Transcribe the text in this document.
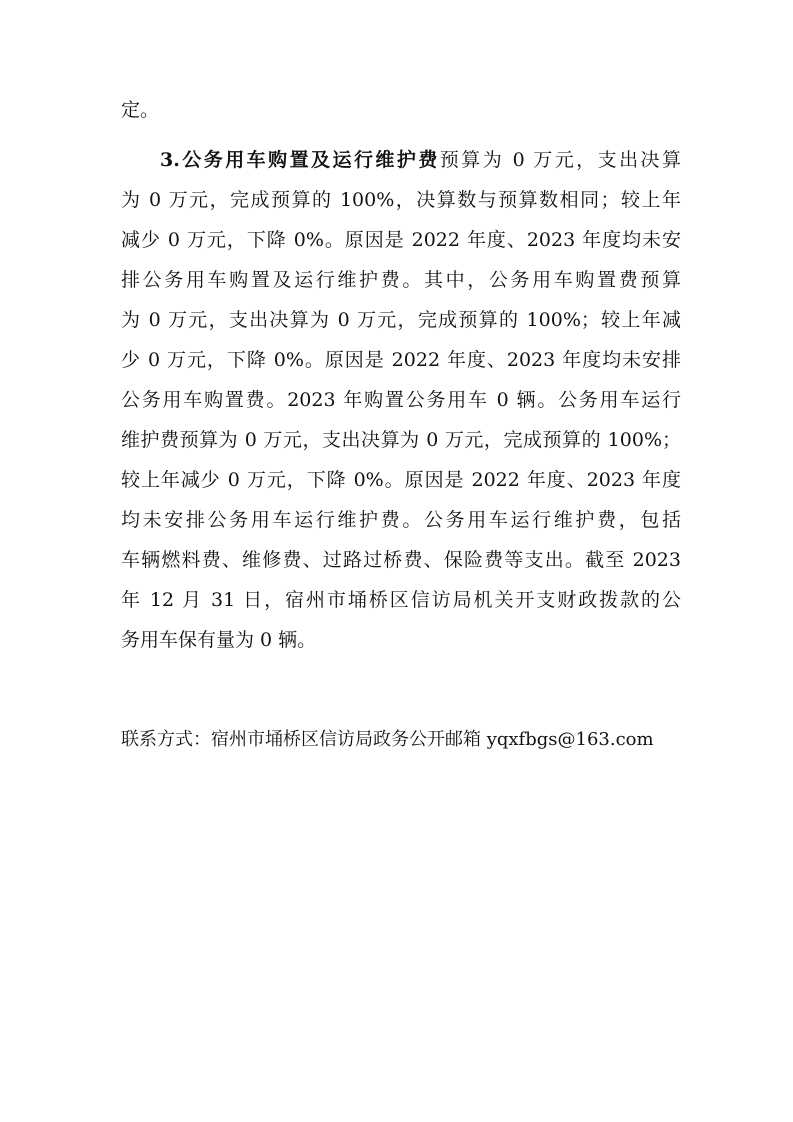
定。
3.公务用车购置及运行维护费预算为 0 万元，支出决算
为 0 万元，完成预算的 100%，决算数与预算数相同；较上年
减少 0 万元，下降 0%。原因是 2022 年度、2023 年度均未安
排公务用车购置及运行维护费。其中，公务用车购置费预算
为 0 万元，支出决算为 0 万元，完成预算的 100%；较上年减
少 0 万元，下降 0%。原因是 2022 年度、2023 年度均未安排
公务用车购置费。2023 年购置公务用车 0 辆。公务用车运行
维护费预算为 0 万元，支出决算为 0 万元，完成预算的 100%；
较上年减少 0 万元，下降 0%。原因是 2022 年度、2023 年度
均未安排公务用车运行维护费。公务用车运行维护费，包括
车辆燃料费、维修费、过路过桥费、保险费等支出。截至 2023
年 12 月 31 日，宿州市埇桥区信访局机关开支财政拨款的公
务用车保有量为 0 辆。
联系方式：宿州市埇桥区信访局政务公开邮箱 yqxfbgs@163.com
